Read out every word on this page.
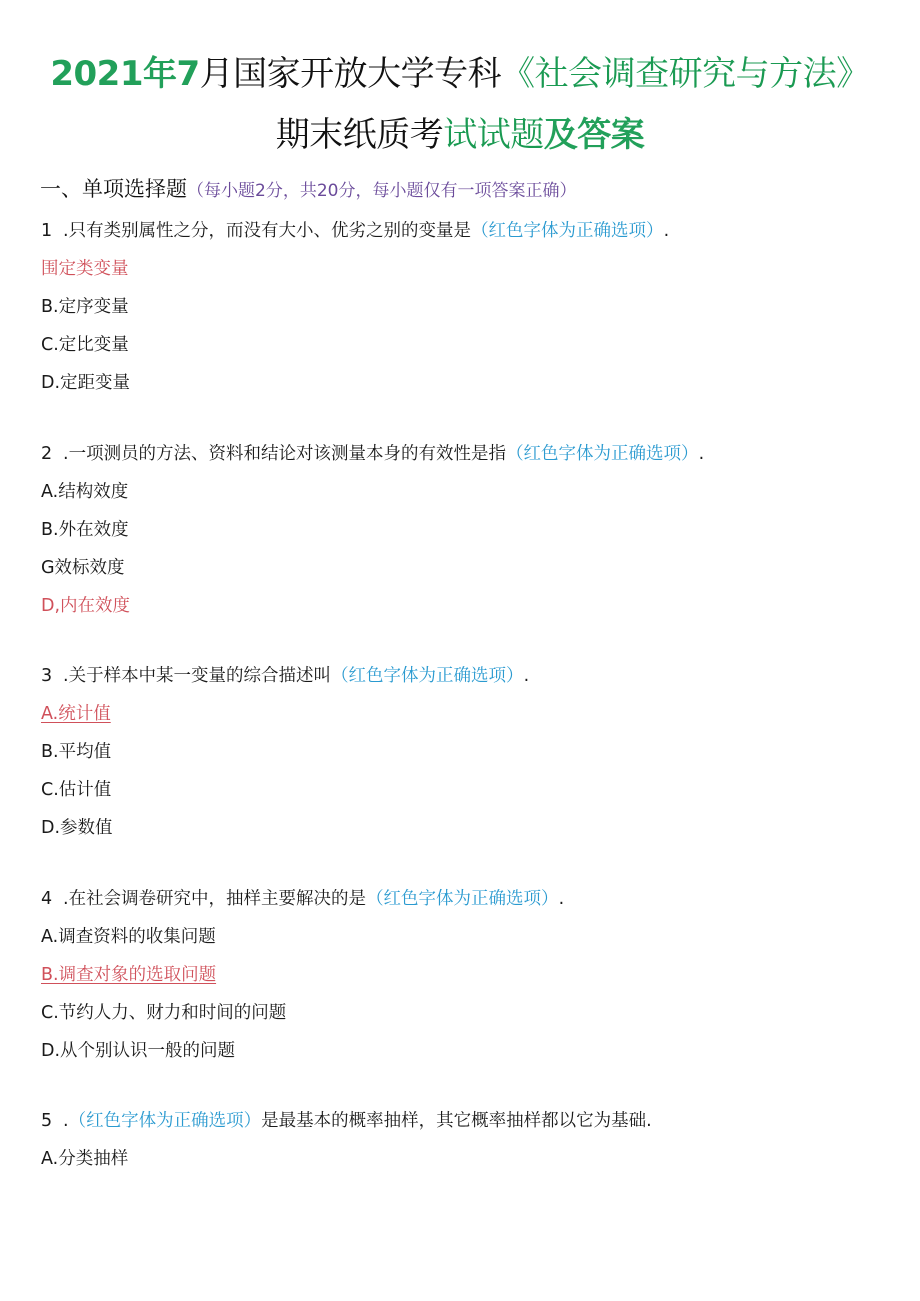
2021年7月国家开放大学专科《社会调查研究与方法》
期末纸质考试试题及答案
一、单项选择题（每小题2分，共20分，每小题仅有一项答案正确）
1 .只有类别属性之分，而没有大小、优劣之别的变量是（红色字体为正确选项）.
围定类变量
B.定序变量
C.定比变量
D.定距变量
2 .一项测员的方法、资料和结论对该测量本身的有效性是指（红色字体为正确选项）.
A.结构效度
B.外在效度
G效标效度
D,内在效度
3 .关于样本中某一变量的综合描述叫（红色字体为正确选项）.
A.统计值
B.平均值
C.估计值
D.参数值
4 .在社会调卷研究中，抽样主要解决的是（红色字体为正确选项）.
A.调查资料的收集问题
B.调查对象的选取问题
C.节约人力、财力和时间的问题
D.从个别认识一般的问题
5 .（红色字体为正确选项）是最基本的概率抽样，其它概率抽样都以它为基础.
A.分类抽样
